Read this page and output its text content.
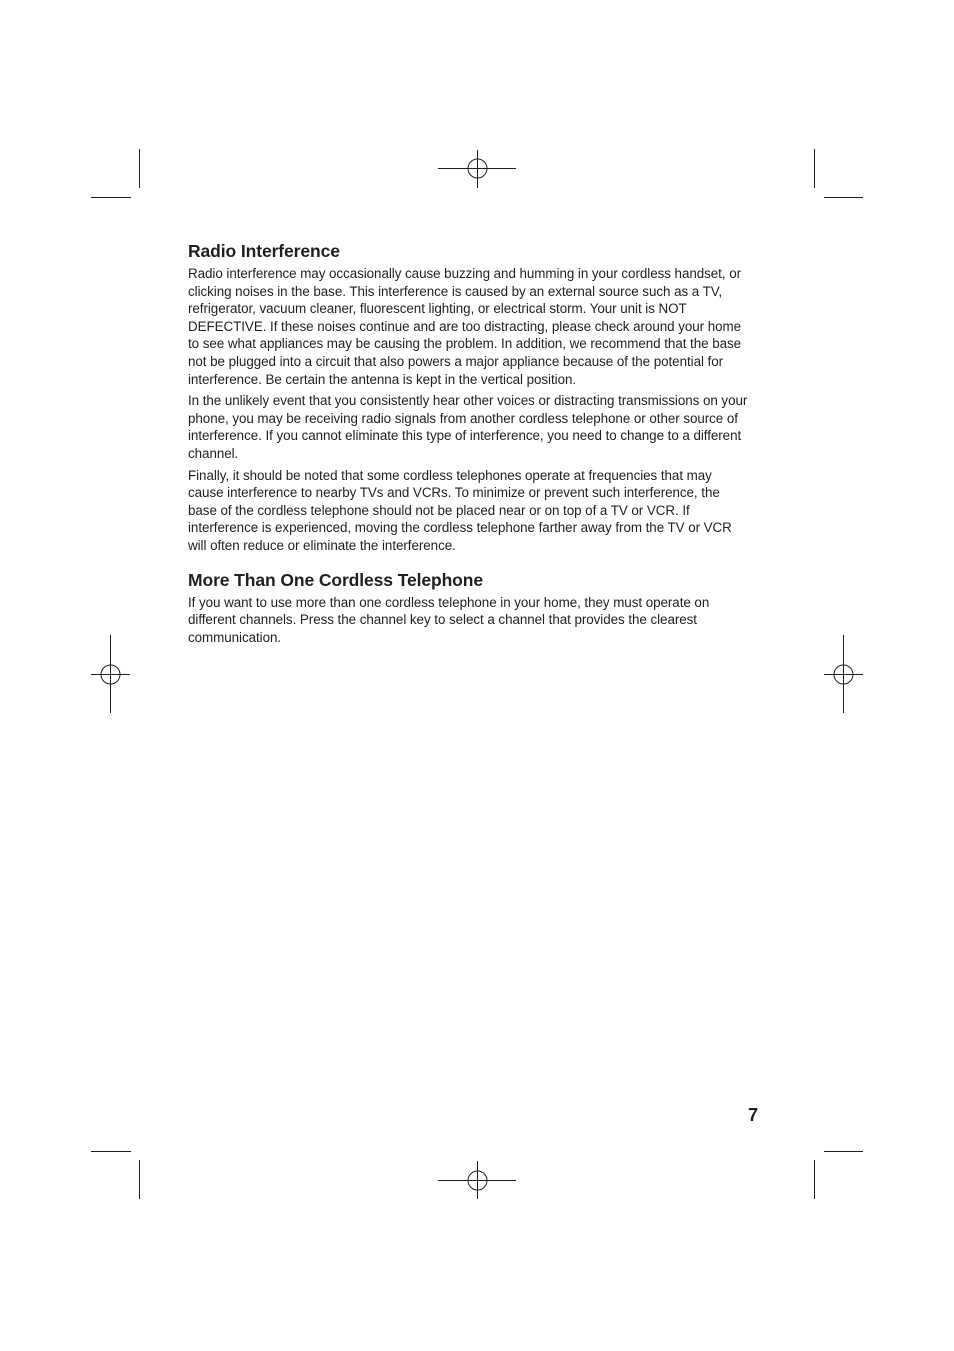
Radio Interference

Radio interference may occasionally cause buzzing and humming in your cordless handset, or clicking noises in the base. This interference is caused by an external source such as a TV, refrigerator, vacuum cleaner, fluorescent lighting, or electrical storm. Your unit is NOT DEFECTIVE. If these noises continue and are too distracting, please check around your home to see what appliances may be causing the problem. In addition, we recommend that the base not be plugged into a circuit that also powers a major appliance because of the potential for interference. Be certain the antenna is kept in the vertical position.

In the unlikely event that you consistently hear other voices or distracting transmissions on your phone, you may be receiving radio signals from another cordless telephone or other source of interference. If you cannot eliminate this type of interference, you need to change to a different channel.

Finally, it should be noted that some cordless telephones operate at frequencies that may cause interference to nearby TVs and VCRs. To minimize or prevent such interference, the base of the cordless telephone should not be placed near or on top of a TV or VCR. If interference is experienced, moving the cordless telephone farther away from the TV or VCR will often reduce or eliminate the interference.

More Than One Cordless Telephone

If you want to use more than one cordless telephone in your home, they must operate on different channels. Press the channel key to select a channel that provides the clearest communication.

7
